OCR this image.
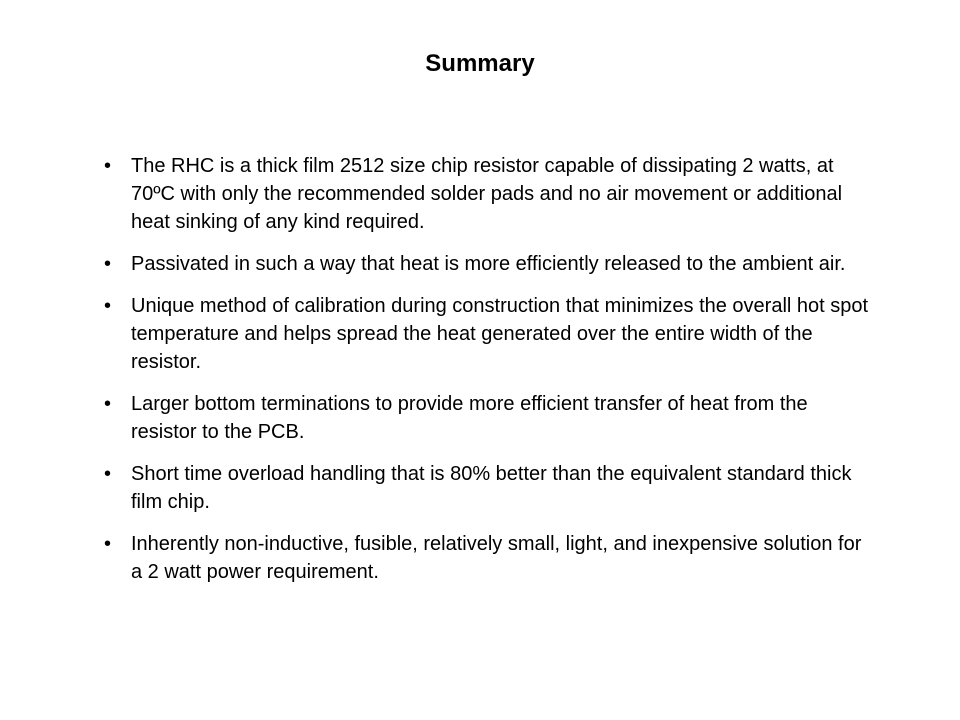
Summary
• The RHC is a thick film 2512 size chip resistor capable of dissipating 2 watts, at 70ºC with only the recommended solder pads and no air movement or additional heat sinking of any kind required.
• Passivated in such a way that heat is more efficiently released to the ambient air.
• Unique method of calibration during construction that minimizes the overall hot spot temperature and helps spread the heat generated over the entire width of the resistor.
• Larger bottom terminations to provide more efficient transfer of heat from the resistor to the PCB.
• Short time overload handling that is 80% better than the equivalent standard thick film chip.
• Inherently non-inductive, fusible, relatively small, light, and inexpensive solution for a 2 watt power requirement.
